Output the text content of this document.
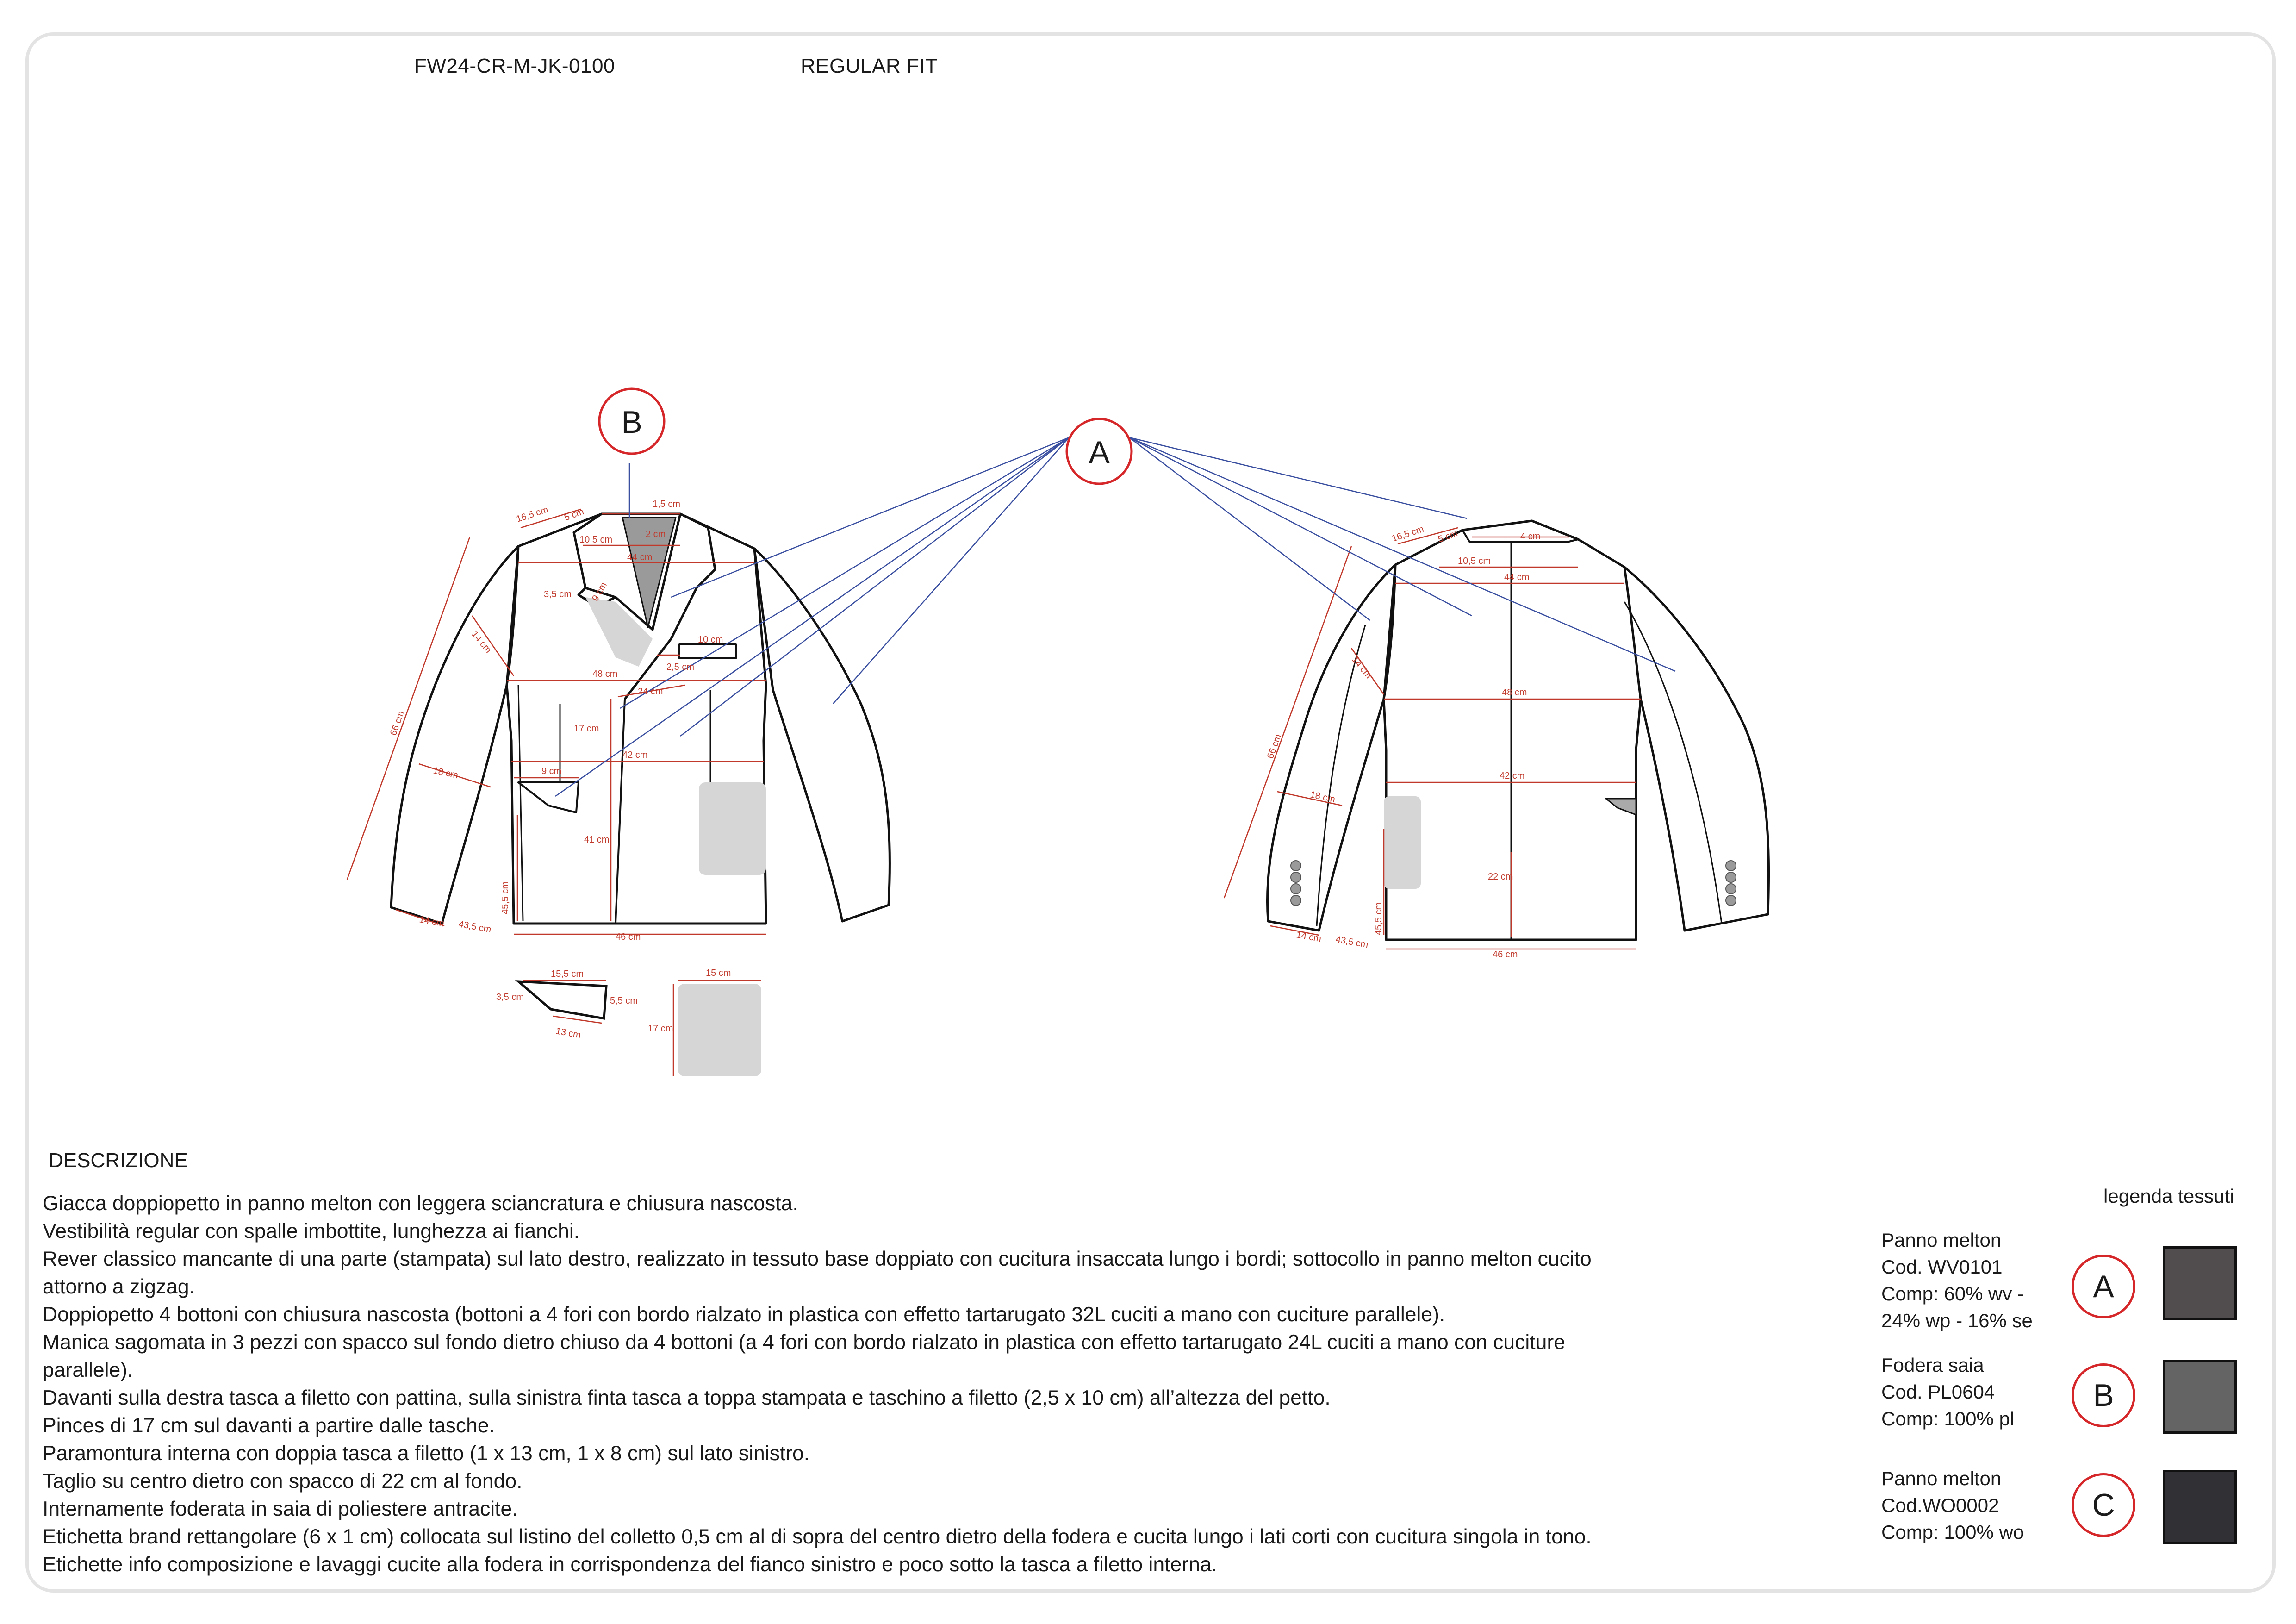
FW24-CR-M-JK-0100	REGULAR FIT
A
B
16,5 cm 5 cm
1,5 cm
2 cm
10,5 cm
44 cm
3,5 cm 9 cm
14 cm	10 cm
2,5 cm
48 cm
24 cm
66 cm	17 cm
18 cm	9 cm
42 cm
41 cm
45,5 cm
14 cm 43,5 cm
46 cm
16,5 cm 5 cm	4 cm
10,5 cm
44 cm
14 cm
48 cm
66 cm
18 cm
42 cm
22 cm
45,5 cm
14 cm 43,5 cm
46 cm
15,5 cm
3,5 cm	5,5 cm
13 cm
15 cm
17 cm
DESCRIZIONE

Giacca doppiopetto in panno melton con leggera sciancratura e chiusura nascosta.

Vestibilità regular con spalle imbottite, lunghezza ai fianchi.

Rever classico mancante di una parte (stampata) sul lato destro, realizzato in tessuto base doppiato con cucitura insaccata lungo i bordi; sottocollo in panno melton cucito

attorno a zigzag.

Doppiopetto 4 bottoni con chiusura nascosta (bottoni a 4 fori con bordo rialzato in plastica con effetto tartarugato 32L cuciti a mano con cuciture parallele).

Manica sagomata in 3 pezzi con spacco sul fondo dietro chiuso da 4 bottoni (a 4 fori con bordo rialzato in plastica con effetto tartarugato 24L cuciti a mano con cuciture

parallele).

Davanti sulla destra tasca a filetto con pattina, sulla sinistra finta tasca a toppa stampata e taschino a filetto (2,5 x 10 cm) all’altezza del petto.

Pinces di 17 cm sul davanti a partire dalle tasche.

Paramontura interna con doppia tasca a filetto (1 x 13 cm, 1 x 8 cm) sul lato sinistro.

Taglio su centro dietro con spacco di 22 cm al fondo.

Internamente foderata in saia di poliestere antracite.

Etichetta brand rettangolare (6 x 1 cm) collocata sul listino del colletto 0,5 cm al di sopra del centro dietro della fodera e cucita lungo i lati corti con cucitura singola in tono.

Etichette info composizione e lavaggi cucite alla fodera in corrispondenza del fianco sinistro e poco sotto la tasca a filetto interna.

legenda tessuti

Panno melton

Cod. WV0101

Comp: 60% wv -

24% wp - 16% se

A

Fodera saia

Cod. PL0604

Comp: 100% pl

B

Panno melton

Cod.WO0002

Comp: 100% wo

C
